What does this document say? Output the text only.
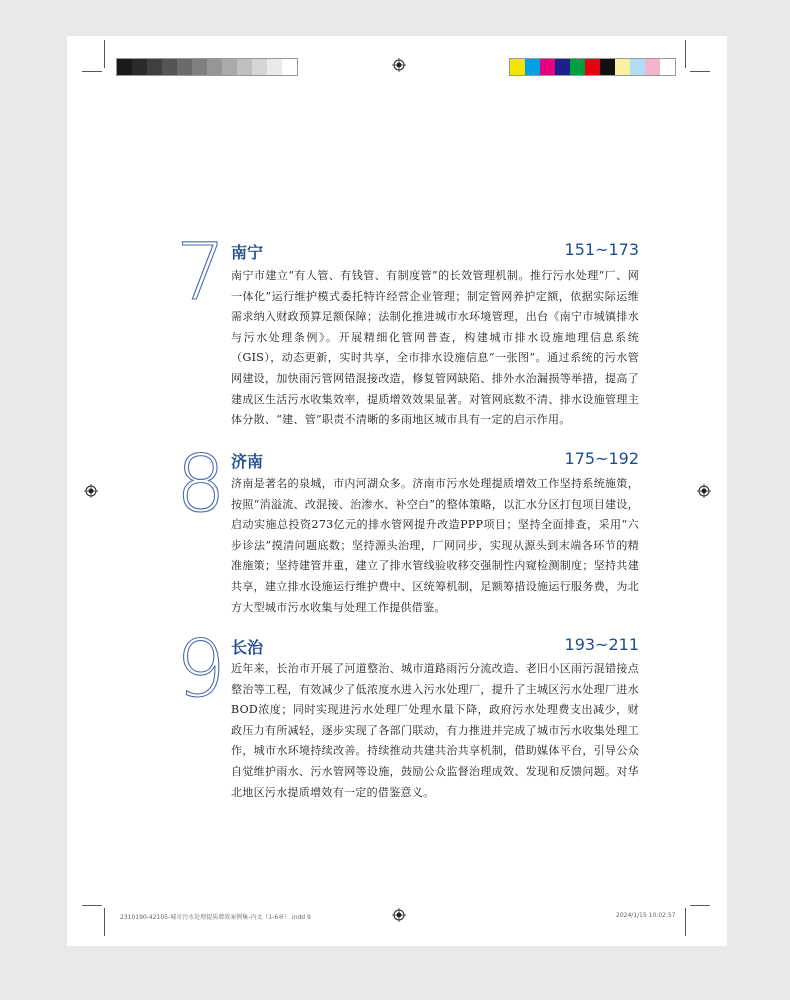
7 南宁	151~173
南宁市建立“有人管、有钱管、有制度管”的长效管理机制。推行污水处理“厂、网一体化”运行维护模式委托特许经营企业管理；制定管网养护定额，依据实际运维需求纳入财政预算足额保障；法制化推进城市水环境管理，出台《南宁市城镇排水与污水处理条例》。开展精细化管网普查，构建城市排水设施地理信息系统（GIS），动态更新，实时共享，全市排水设施信息“一张图”。通过系统的污水管网建设，加快雨污管网错混接改造，修复管网缺陷、排外水治漏损等举措，提高了建成区生活污水收集效率，提质增效效果显著。对管网底数不清、排水设施管理主体分散、“建、管”职责不清晰的多雨地区城市具有一定的启示作用。
8 济南	175~192
济南是著名的泉城，市内河湖众多。济南市污水处理提质增效工作坚持系统施策，按照“消溢流、改混接、治渗水、补空白”的整体策略，以汇水分区打包项目建设，启动实施总投资273亿元的排水管网提升改造PPP项目；坚持全面排查，采用“六步诊法”摸清问题底数；坚持源头治理，厂网同步，实现从源头到末端各环节的精准施策；坚持建管并重，建立了排水管线验收移交强制性内窥检测制度；坚持共建共享，建立排水设施运行维护费中、区统筹机制，足额筹措设施运行服务费，为北方大型城市污水收集与处理工作提供借鉴。
9 长治	193~211
近年来，长治市开展了河道整治、城市道路雨污分流改造、老旧小区雨污混错接点整治等工程，有效减少了低浓度水进入污水处理厂，提升了主城区污水处理厂进水BOD浓度；同时实现进污水处理厂处理水量下降，政府污水处理费支出减少，财政压力有所减轻，逐步实现了各部门联动，有力推进并完成了城市污水收集处理工作，城市水环境持续改善。持续推动共建共治共享机制，借助媒体平台，引导公众自觉维护雨水、污水管网等设施，鼓励公众监督治理成效、发现和反馈问题。对华北地区污水提质增效有一定的借鉴意义。
2310190-42105-城市污水处理提质增效案例集-内文（1-6章）.indd 9	2024/1/15 10:02:57
